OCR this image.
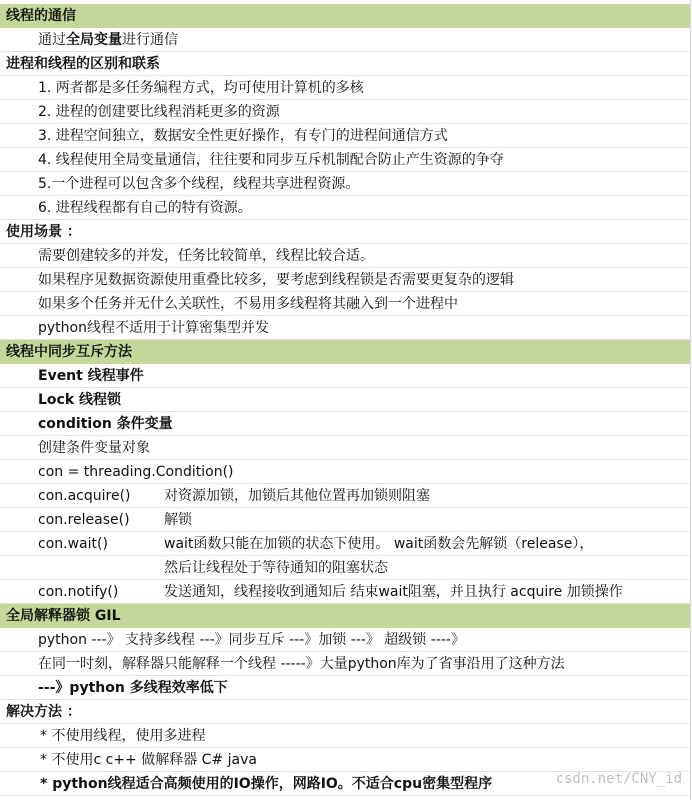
线程的通信
通过全局变量进行通信
进程和线程的区别和联系
1. 两者都是多任务编程方式，均可使用计算机的多核
2. 进程的创建要比线程消耗更多的资源
3. 进程空间独立，数据安全性更好操作，有专门的进程间通信方式
4. 线程使用全局变量通信，往往要和同步互斥机制配合防止产生资源的争夺
5.一个进程可以包含多个线程，线程共享进程资源。
6. 进程线程都有自己的特有资源。
使用场景 ：
需要创建较多的并发，任务比较简单，线程比较合适。
如果程序见数据资源使用重叠比较多，要考虑到线程锁是否需要更复杂的逻辑
如果多个任务并无什么关联性，不易用多线程将其融入到一个进程中
python线程不适用于计算密集型并发
线程中同步互斥方法
Event 线程事件
Lock 线程锁
condition 条件变量
创建条件变量对象
con = threading.Condition()
con.acquire() 对资源加锁，加锁后其他位置再加锁则阻塞
con.release() 解锁
con.wait()	wait函数只能在加锁的状态下使用。 wait函数会先解锁（release），
然后让线程处于等待通知的阻塞状态
con.notify()	发送通知，线程接收到通知后 结束wait阻塞，并且执行 acquire 加锁操作
全局解释器锁 GIL
python ---》 支持多线程 ---》同步互斥 ---》加锁 ---》 超级锁 ----》
在同一时刻，解释器只能解释一个线程 -----》大量python库为了省事沿用了这种方法
---》python 多线程效率低下
解决方法 ：
* 不使用线程，使用多进程
* 不使用c c++ 做解释器 C# java
* python线程适合高频使用的IO操作，网路IO。不适合cpu密集型程序	csdn.net/CNY_id
